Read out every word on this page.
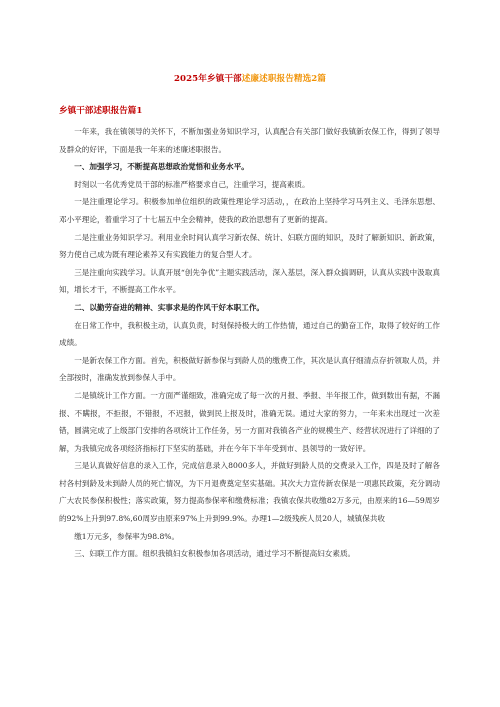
2025年乡镇干部述廉述职报告精选2篇
乡镇干部述职报告篇1

一年来，我在镇领导的关怀下，不断加强业务知识学习，认真配合有关部门做好我镇新农保工作，得到了领导及群众的好评，下面是我一年来的述廉述职报告。

一、加强学习，不断提高思想政治觉悟和业务水平。

时刻以一名优秀党员干部的标准严格要求自己，注重学习，提高素质。

一是注重理论学习。积极参加单位组织的政策性理论学习活动，，在政治上坚持学习马列主义、毛泽东思想、邓小平理论，着重学习了十七届五中全会精神，使我的政治思想有了更新的提高。

二是注重业务知识学习。利用业余时间认真学习新农保、统计、妇联方面的知识，及时了解新知识、新政策，努力使自己成为既有理论素养又有实践能力的复合型人才。

三是注重向实践学习。认真开展“创先争优”主题实践活动，深入基层，深入群众搞调研，认真从实践中汲取真知，增长才干，不断提高工作水平。

二、以勤劳奋进的精神、实事求是的作风干好本职工作。

在日常工作中，我积极主动，认真负责，时刻保持极大的工作热情，通过自己的勤奋工作，取得了较好的工作成绩。

一是新农保工作方面。首先，积极做好新参保与到龄人员的缴费工作，其次是认真仔细清点存折领取人员，并全部按时，准确发放到参保人手中。

二是镇统计工作方面。一方面严谨细致，准确完成了每一次的月报、季报、半年报工作，做到数出有据，不漏报、不瞒报，不拒报，不错报，不迟报，做到民上报及时，准确无误。通过大家的努力，一年来未出现过一次差错，圆满完成了上级部门安排的各项统计工作任务，另一方面对我镇各产业的规模生产、经营状况进行了详细的了解，为我镇完成各项经济指标打下坚实的基础，并在今年下半年受到市、县领导的一致好评。

三是认真做好信息的录入工作，完成信息录入8000多人，并做好到龄人员的交费录入工作，四是及时了解各村各村到龄及未到龄人员的死亡情况，为下月退费奠定坚实基础。其次大力宣传新农保是一项惠民政策，充分调动广大农民参保积极性；落实政策，努力提高参保率和缴费标准；我镇农保共收缴82万多元，由原来的16—59周岁的92%上升到97.8%,60周岁由原来97%上升到99.9%。办理1—2级残疾人员20人，城镇保共收

缴1万元多，参保率为98.8%。

三、妇联工作方面。组织我镇妇女积极参加各项活动，通过学习不断提高妇女素质。
